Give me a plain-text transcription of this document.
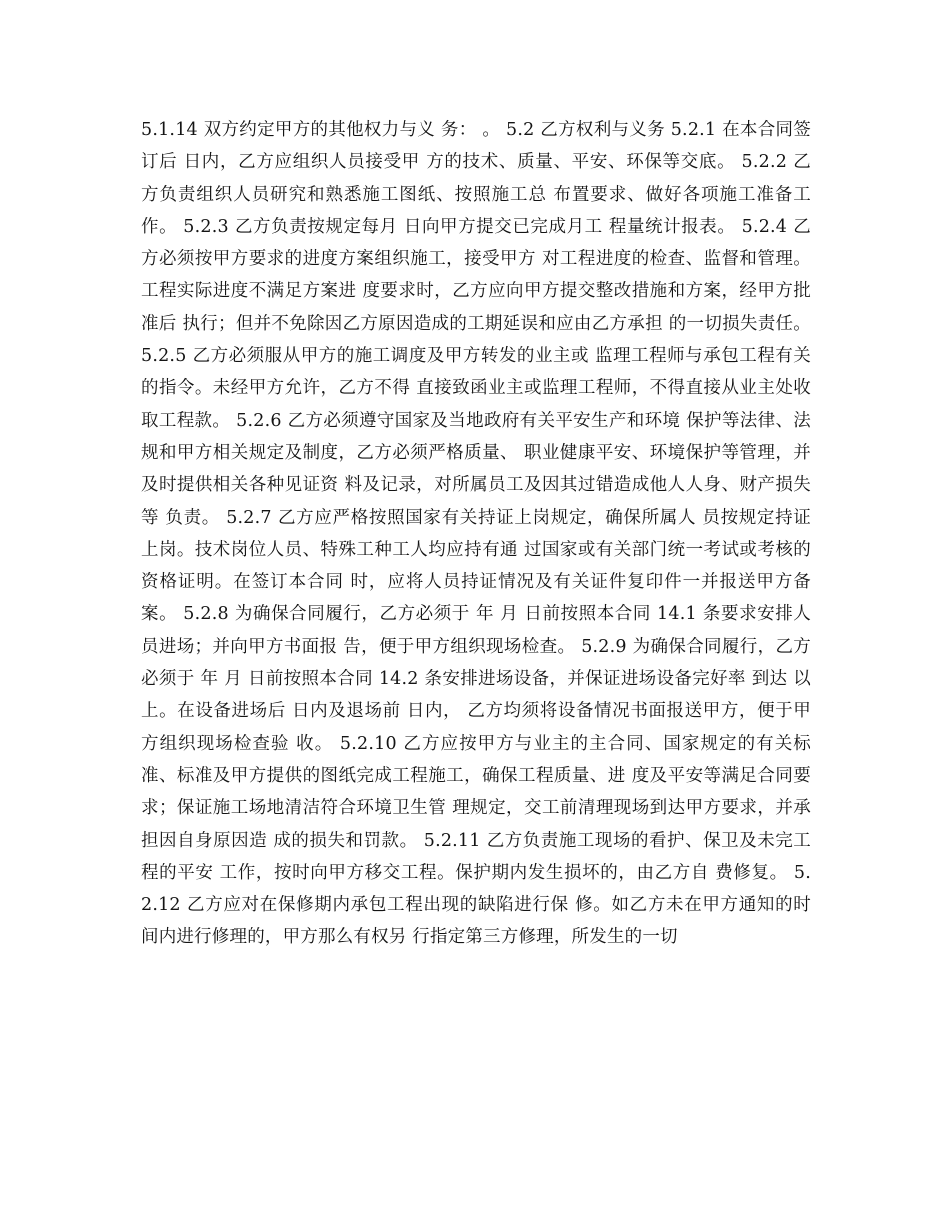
5.1.14 双方约定甲方的其他权力与义 务： 。 5.2 乙方权利与义务 5.2.1 在本合同签订后 日内，乙方应组织人员接受甲 方的技术、质量、平安、环保等交底。 5.2.2 乙方负责组织人员研究和熟悉施工图纸、按照施工总 布置要求、做好各项施工准备工作。 5.2.3 乙方负责按规定每月 日向甲方提交已完成月工 程量统计报表。 5.2.4 乙方必须按甲方要求的进度方案组织施工，接受甲方 对工程进度的检查、监督和管理。工程实际进度不满足方案进 度要求时，乙方应向甲方提交整改措施和方案，经甲方批准后 执行；但并不免除因乙方原因造成的工期延误和应由乙方承担 的一切损失责任。 5.2.5 乙方必须服从甲方的施工调度及甲方转发的业主或 监理工程师与承包工程有关的指令。未经甲方允许，乙方不得 直接致函业主或监理工程师，不得直接从业主处收取工程款。 5.2.6 乙方必须遵守国家及当地政府有关平安生产和环境 保护等法律、法规和甲方相关规定及制度，乙方必须严格质量、 职业健康平安、环境保护等管理，并及时提供相关各种见证资 料及记录，对所属员工及因其过错造成他人人身、财产损失等 负责。 5.2.7 乙方应严格按照国家有关持证上岗规定，确保所属人 员按规定持证上岗。技术岗位人员、特殊工种工人均应持有通 过国家或有关部门统一考试或考核的资格证明。在签订本合同 时，应将人员持证情况及有关证件复印件一并报送甲方备案。 5.2.8 为确保合同履行，乙方必须于 年 月 日前按照本合同 14.1 条要求安排人员进场；并向甲方书面报 告，便于甲方组织现场检查。 5.2.9 为确保合同履行，乙方必须于 年 月 日前按照本合同 14.2 条安排进场设备，并保证进场设备完好率 到达 以上。在设备进场后 日内及退场前 日内， 乙方均须将设备情况书面报送甲方，便于甲方组织现场检查验 收。 5.2.10 乙方应按甲方与业主的主合同、国家规定的有关标 准、标准及甲方提供的图纸完成工程施工，确保工程质量、进 度及平安等满足合同要求；保证施工场地清洁符合环境卫生管 理规定，交工前清理现场到达甲方要求，并承担因自身原因造 成的损失和罚款。 5.2.11 乙方负责施工现场的看护、保卫及未完工程的平安 工作，按时向甲方移交工程。保护期内发生损坏的，由乙方自 费修复。 5.2.12 乙方应对在保修期内承包工程出现的缺陷进行保 修。如乙方未在甲方通知的时间内进行修理的，甲方那么有权另 行指定第三方修理，所发生的一切
